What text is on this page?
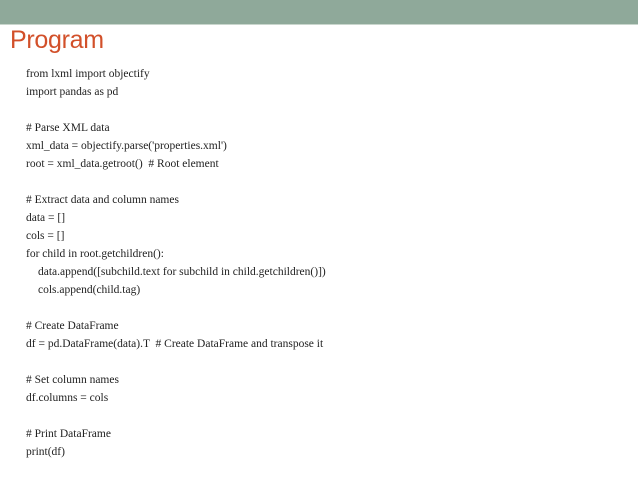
Program
from lxml import objectify
import pandas as pd
# Parse XML data
xml_data = objectify.parse('properties.xml')
root = xml_data.getroot()  # Root element
# Extract data and column names
data = []
cols = []
for child in root.getchildren():
data.append([subchild.text for subchild in child.getchildren()])
cols.append(child.tag)
# Create DataFrame
df = pd.DataFrame(data).T  # Create DataFrame and transpose it
# Set column names
df.columns = cols
# Print DataFrame
print(df)
